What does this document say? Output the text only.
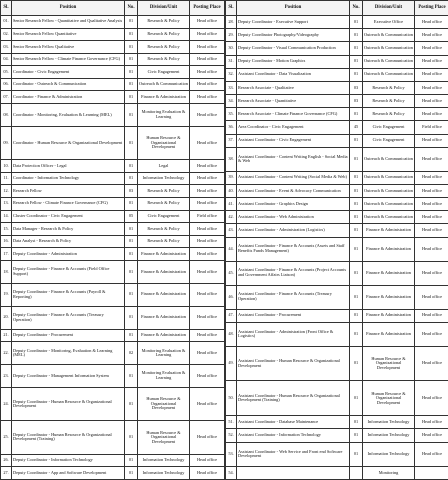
Sl.	Position	No.	Division/Unit	Posting Place
01.	Senior Research Fellow - Quantitative and Qualitative Analysis	01	Research & Policy	Head office
02.	Senior Research Fellow Quantitative	01	Research & Policy	Head office
03.	Senior Research Fellow Qualitative	01	Research & Policy	Head office
04.	Senior Research Fellow - Climate Finance Governance (CFG)	01	Research & Policy	Head office
05.	Coordinator - Civic Engagement	01	Civic Engagement	Head office
06.	Coordinator - Outreach & Communication	01	Outreach & Communication	Head office
07.	Coordinator - Finance & Administration	01	Finance & Administration	Head office
08.	Coordinator - Monitoring, Evaluation & Learning (MEL)	01	Monitoring Evaluation & Learning	Head office
09.	Coordinator - Human Resource & Organizational Development	01	Human Resource & Organizational Development	Head office
10.	Data Protection Officer - Legal	01	Legal	Head office
11.	Coordinator - Information Technology	01	Information Technology	Head office
12.	Research Fellow	03	Research & Policy	Head office
13.	Research Fellow - Climate Finance Governance (CFG)	01	Research & Policy	Head office
14.	Cluster Coordinator - Civic Engagement	05	Civic Engagement	Field office
15.	Data Manager - Research & Policy	01	Research & Policy	Head office
16.	Data Analyst - Research & Policy	01	Research & Policy	Head office
17.	Deputy Coordinator - Administration	01	Finance & Administration	Head office
18.	Deputy Coordinator - Finance & Accounts (Field Office Support)	01	Finance & Administration	Head office
19.	Deputy Coordinator - Finance & Accounts (Payroll & Reporting)	01	Finance & Administration	Head office
20.	Deputy Coordinator - Finance & Accounts (Treasury Operation)	01	Finance & Administration	Head office
21.	Deputy Coordinator - Procurement	01	Finance & Administration	Head office
22.	Deputy Coordinator - Monitoring, Evaluation & Learning (MEL)	02	Monitoring Evaluation & Learning	Head office
23.	Deputy Coordinator - Management Information System	01	Monitoring Evaluation & Learning	Head office
24.	Deputy Coordinator - Human Resource & Organizational Development	01	Human Resource & Organizational Development	Head office
25.	Deputy Coordinator - Human Resource & Organizational Development (Training)	01	Human Resource & Organizational Development	Head office
26.	Deputy Coordinator - Information Technology	01	Information Technology	Head office
27.	Deputy Coordinator - App and Software Development	01	Information Technology	Head office
Sl.	Position	No.	Division/Unit	Posting Place
28.	Deputy Coordinator - Executive Support	01	Executive Office	Head office
29.	Deputy Coordinator Photography/Videography	01	Outreach & Communication	Head office
30.	Deputy Coordinator - Visual Communication Production	01	Outreach & Communication	Head office
31.	Deputy Coordinator - Motion Graphics	01	Outreach & Communication	Head office
32.	Assistant Coordinator - Data Visualization	01	Outreach & Communication	Head office
33.	Research Associate - Qualitative	03	Research & Policy	Head office
34.	Research Associate - Quantitative	03	Research & Policy	Head office
35.	Research Associate - Climate Finance Governance (CFG)	01	Research & Policy	Head office
36.	Area Coordinator - Civic Engagement	45	Civic Engagement	Field office
37.	Assistant Coordinator - Civic Engagement	01	Civic Engagement	Head office
38.	Assistant Coordinator - Content Writing English - Social Media & Web	01	Outreach & Communication	Head office
39.	Assistant Coordinator - Content Writing (Social Media & Web)	01	Outreach & Communication	Head office
40.	Assistant Coordinator - Event & Advocacy Communication	01	Outreach & Communication	Head office
41.	Assistant Coordinator - Graphics Design	01	Outreach & Communication	Head office
42.	Assistant Coordinator - Web Administration	01	Outreach & Communication	Head office
43.	Assistant Coordinator - Administration (Logistics)	01	Finance & Administration	Head office
44.	Assistant Coordinator - Finance & Accounts (Assets and Staff Benefits Funds Management)	01	Finance & Administration	Head office
45.	Assistant Coordinator - Finance & Accounts (Project Accounts and Government Affairs Liaison)	01	Finance & Administration	Head office
46.	Assistant Coordinator - Finance & Accounts (Treasury Operation)	01	Finance & Administration	Head office
47.	Assistant Coordinator - Procurement	01	Finance & Administration	Head office
48.	Assistant Coordinator - Administration (Front Office & Logistics)	01	Finance & Administration	Head office
49.	Assistant Coordinator - Human Resource & Organizational Development	01	Human Resource & Organizational Development	Head office
50.	Assistant Coordinator - Human Resource & Organizational Development (Training)	01	Human Resource & Organizational Development	Head office
51.	Assistant Coordinator - Database Maintenance	01	Information Technology	Head office
52.	Assistant Coordinator - Information Technology	01	Information Technology	Head office
53.	Assistant Coordinator - Web Service and Front end Software Development	01	Information Technology	Head office
54.			Monitoring	
